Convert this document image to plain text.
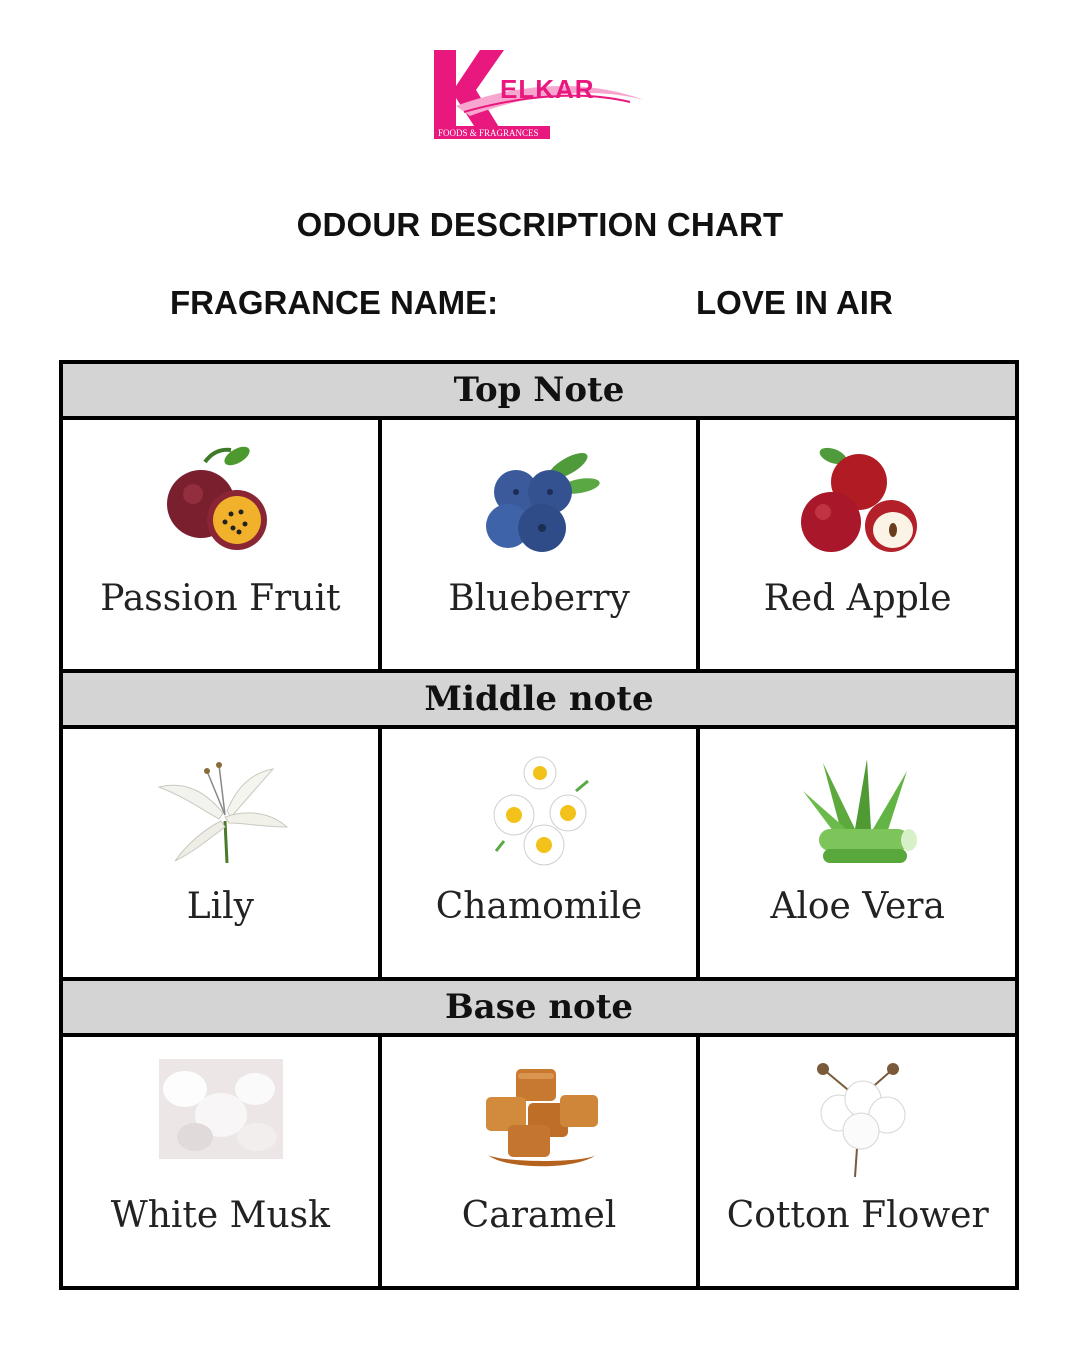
ELKAR
FOODS & FRAGRANCES
ODOUR DESCRIPTION CHART
FRAGRANCE NAME:	LOVE IN AIR
Top Note
Passion Fruit	Blueberry	Red Apple
Middle note
Lily	Chamomile	Aloe Vera
Base note
White Musk	Caramel	Cotton Flower
